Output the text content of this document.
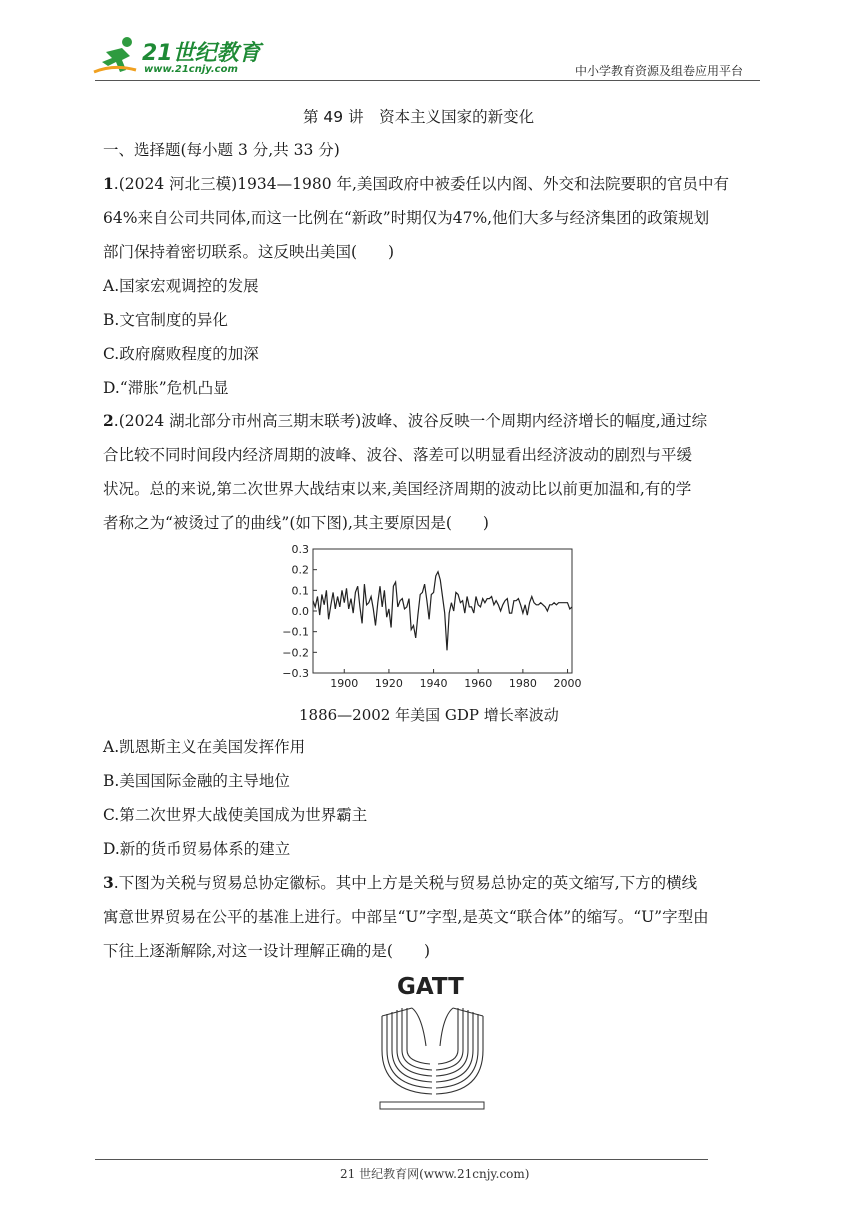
21世纪教育
www.21cnjy.com	中小学教育资源及组卷应用平台
第 49 讲　资本主义国家的新变化
一、选择题(每小题 3 分,共 33 分)
1.(2024 河北三模)1934—1980 年,美国政府中被委任以内阁、外交和法院要职的官员中有
64%来自公司共同体,而这一比例在“新政”时期仅为47%,他们大多与经济集团的政策规划
部门保持着密切联系。这反映出美国(　　)
A.国家宏观调控的发展
B.文官制度的异化
C.政府腐败程度的加深
D.“滞胀”危机凸显
2.(2024 湖北部分市州高三期末联考)波峰、波谷反映一个周期内经济增长的幅度,通过综
合比较不同时间段内经济周期的波峰、波谷、落差可以明显看出经济波动的剧烈与平缓
状况。总的来说,第二次世界大战结束以来,美国经济周期的波动比以前更加温和,有的学
者称之为“被烫过了的曲线”(如下图),其主要原因是(　　)
0.3
0.2
0.1
0.0
−0.1
−0.2
−0.3
1900 1920 1940 1960 1980 2000
1886—2002 年美国 GDP 增长率波动
A.凯恩斯主义在美国发挥作用
B.美国国际金融的主导地位
C.第二次世界大战使美国成为世界霸主
D.新的货币贸易体系的建立
3.下图为关税与贸易总协定徽标。其中上方是关税与贸易总协定的英文缩写,下方的横线
寓意世界贸易在公平的基准上进行。中部呈“U”字型,是英文“联合体”的缩写。“U”字型由
下往上逐渐解除,对这一设计理解正确的是(　　)
GATT
21 世纪教育网(www.21cnjy.com)
